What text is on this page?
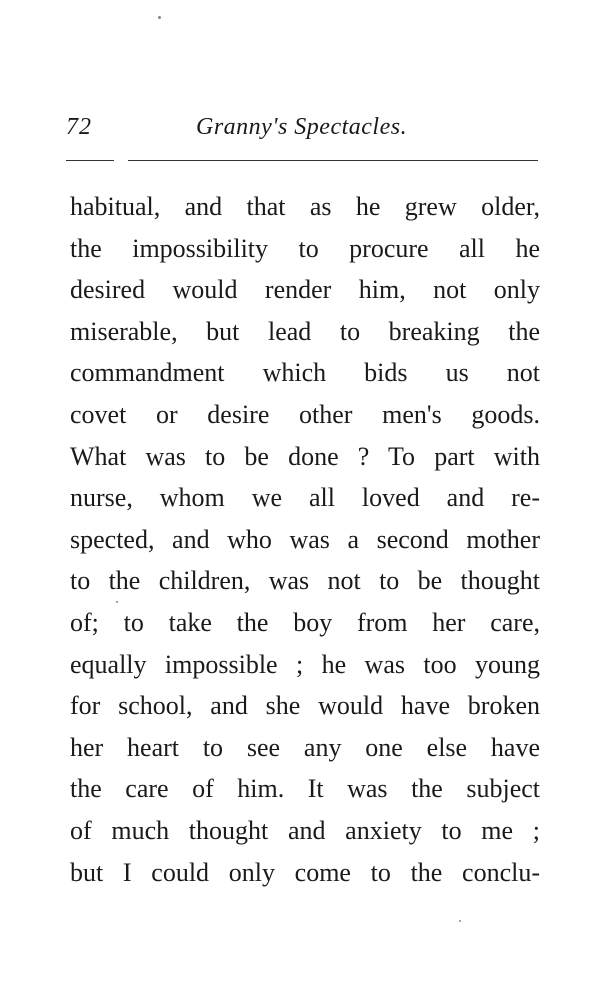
72	Granny's Spectacles.
habitual, and that as he grew older,
the impossibility to procure all he
desired would render him, not only
miserable, but lead to breaking the
commandment which bids us not
covet or desire other men's goods.
What was to be done ? To part with
nurse, whom we all loved and re-
spected, and who was a second mother
to the children, was not to be thought
of; to take the boy from her care,
equally impossible ; he was too young
for school, and she would have broken
her heart to see any one else have
the care of him. It was the subject
of much thought and anxiety to me ;
but I could only come to the conclu-
